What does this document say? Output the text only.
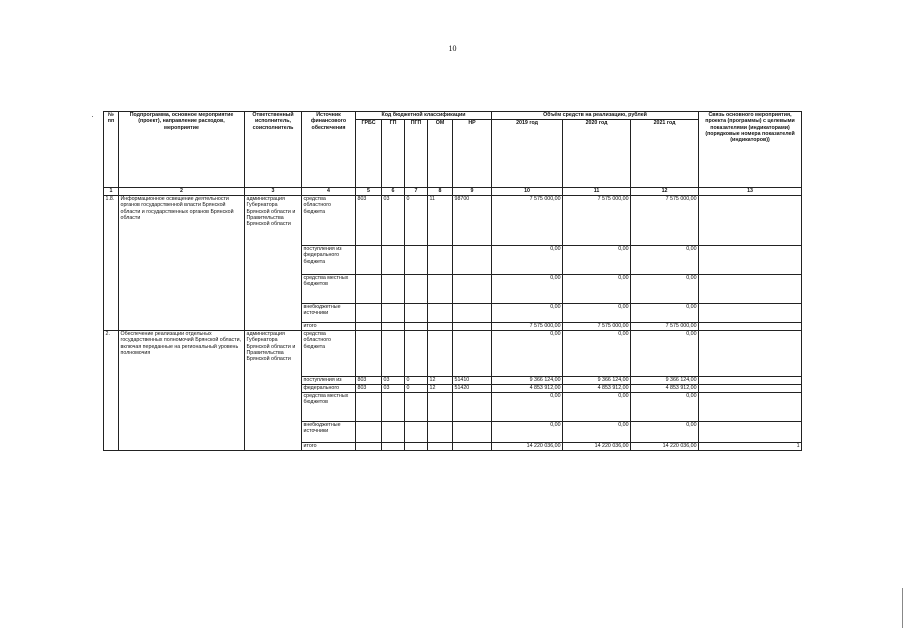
10
№ пп	Подпрограмма, основное мероприятие (проект), направление расходов, мероприятие	Ответственный исполнитель, соисполнитель	Источник финансового обеспечения	Код бюджетной классификации					Объём средств на реализацию, рублей			Связь основного мероприятия, проекта (программы) с целевыми показателями (индикаторами) (порядковые номера показателей (индикаторов))
				ГРБС	ГП	ПГП	ОМ	НР	2019 год	2020 год	2021 год	
1	2	3	4	5	6	7	8	9	10	11	12	13
1.8.	Информационное освещение деятельности органов государственной власти Брянской области и государственных органов Брянской области	администрация Губернатора Брянской области и Правительства Брянской области	средства областного бюджета	803	03	0	11	98700	7 575 000,00	7 575 000,00	7 575 000,00	
			поступления из федерального бюджета						0,00	0,00	0,00	
			средства местных бюджетов						0,00	0,00	0,00	
			внебюджетные источники						0,00	0,00	0,00	
			итого						7 575 000,00	7 575 000,00	7 575 000,00	
2.	Обеспечение реализации отдельных государственных полномочий Брянской области, включая переданные на региональный уровень полномочия	администрация Губернатора Брянской области и Правительства Брянской области	средства областного бюджета						0,00	0,00	0,00	
			поступления из	803	03	0	12	51410	9 366 124,00	9 366 124,00	9 366 124,00	
			федерального	803	03	0	12	51420	4 853 912,00	4 853 912,00	4 853 912,00	
			средства местных бюджетов						0,00	0,00	0,00	
			внебюджетные источники						0,00	0,00	0,00	
			итого						14 220 036,00	14 220 036,00	14 220 036,00	1
